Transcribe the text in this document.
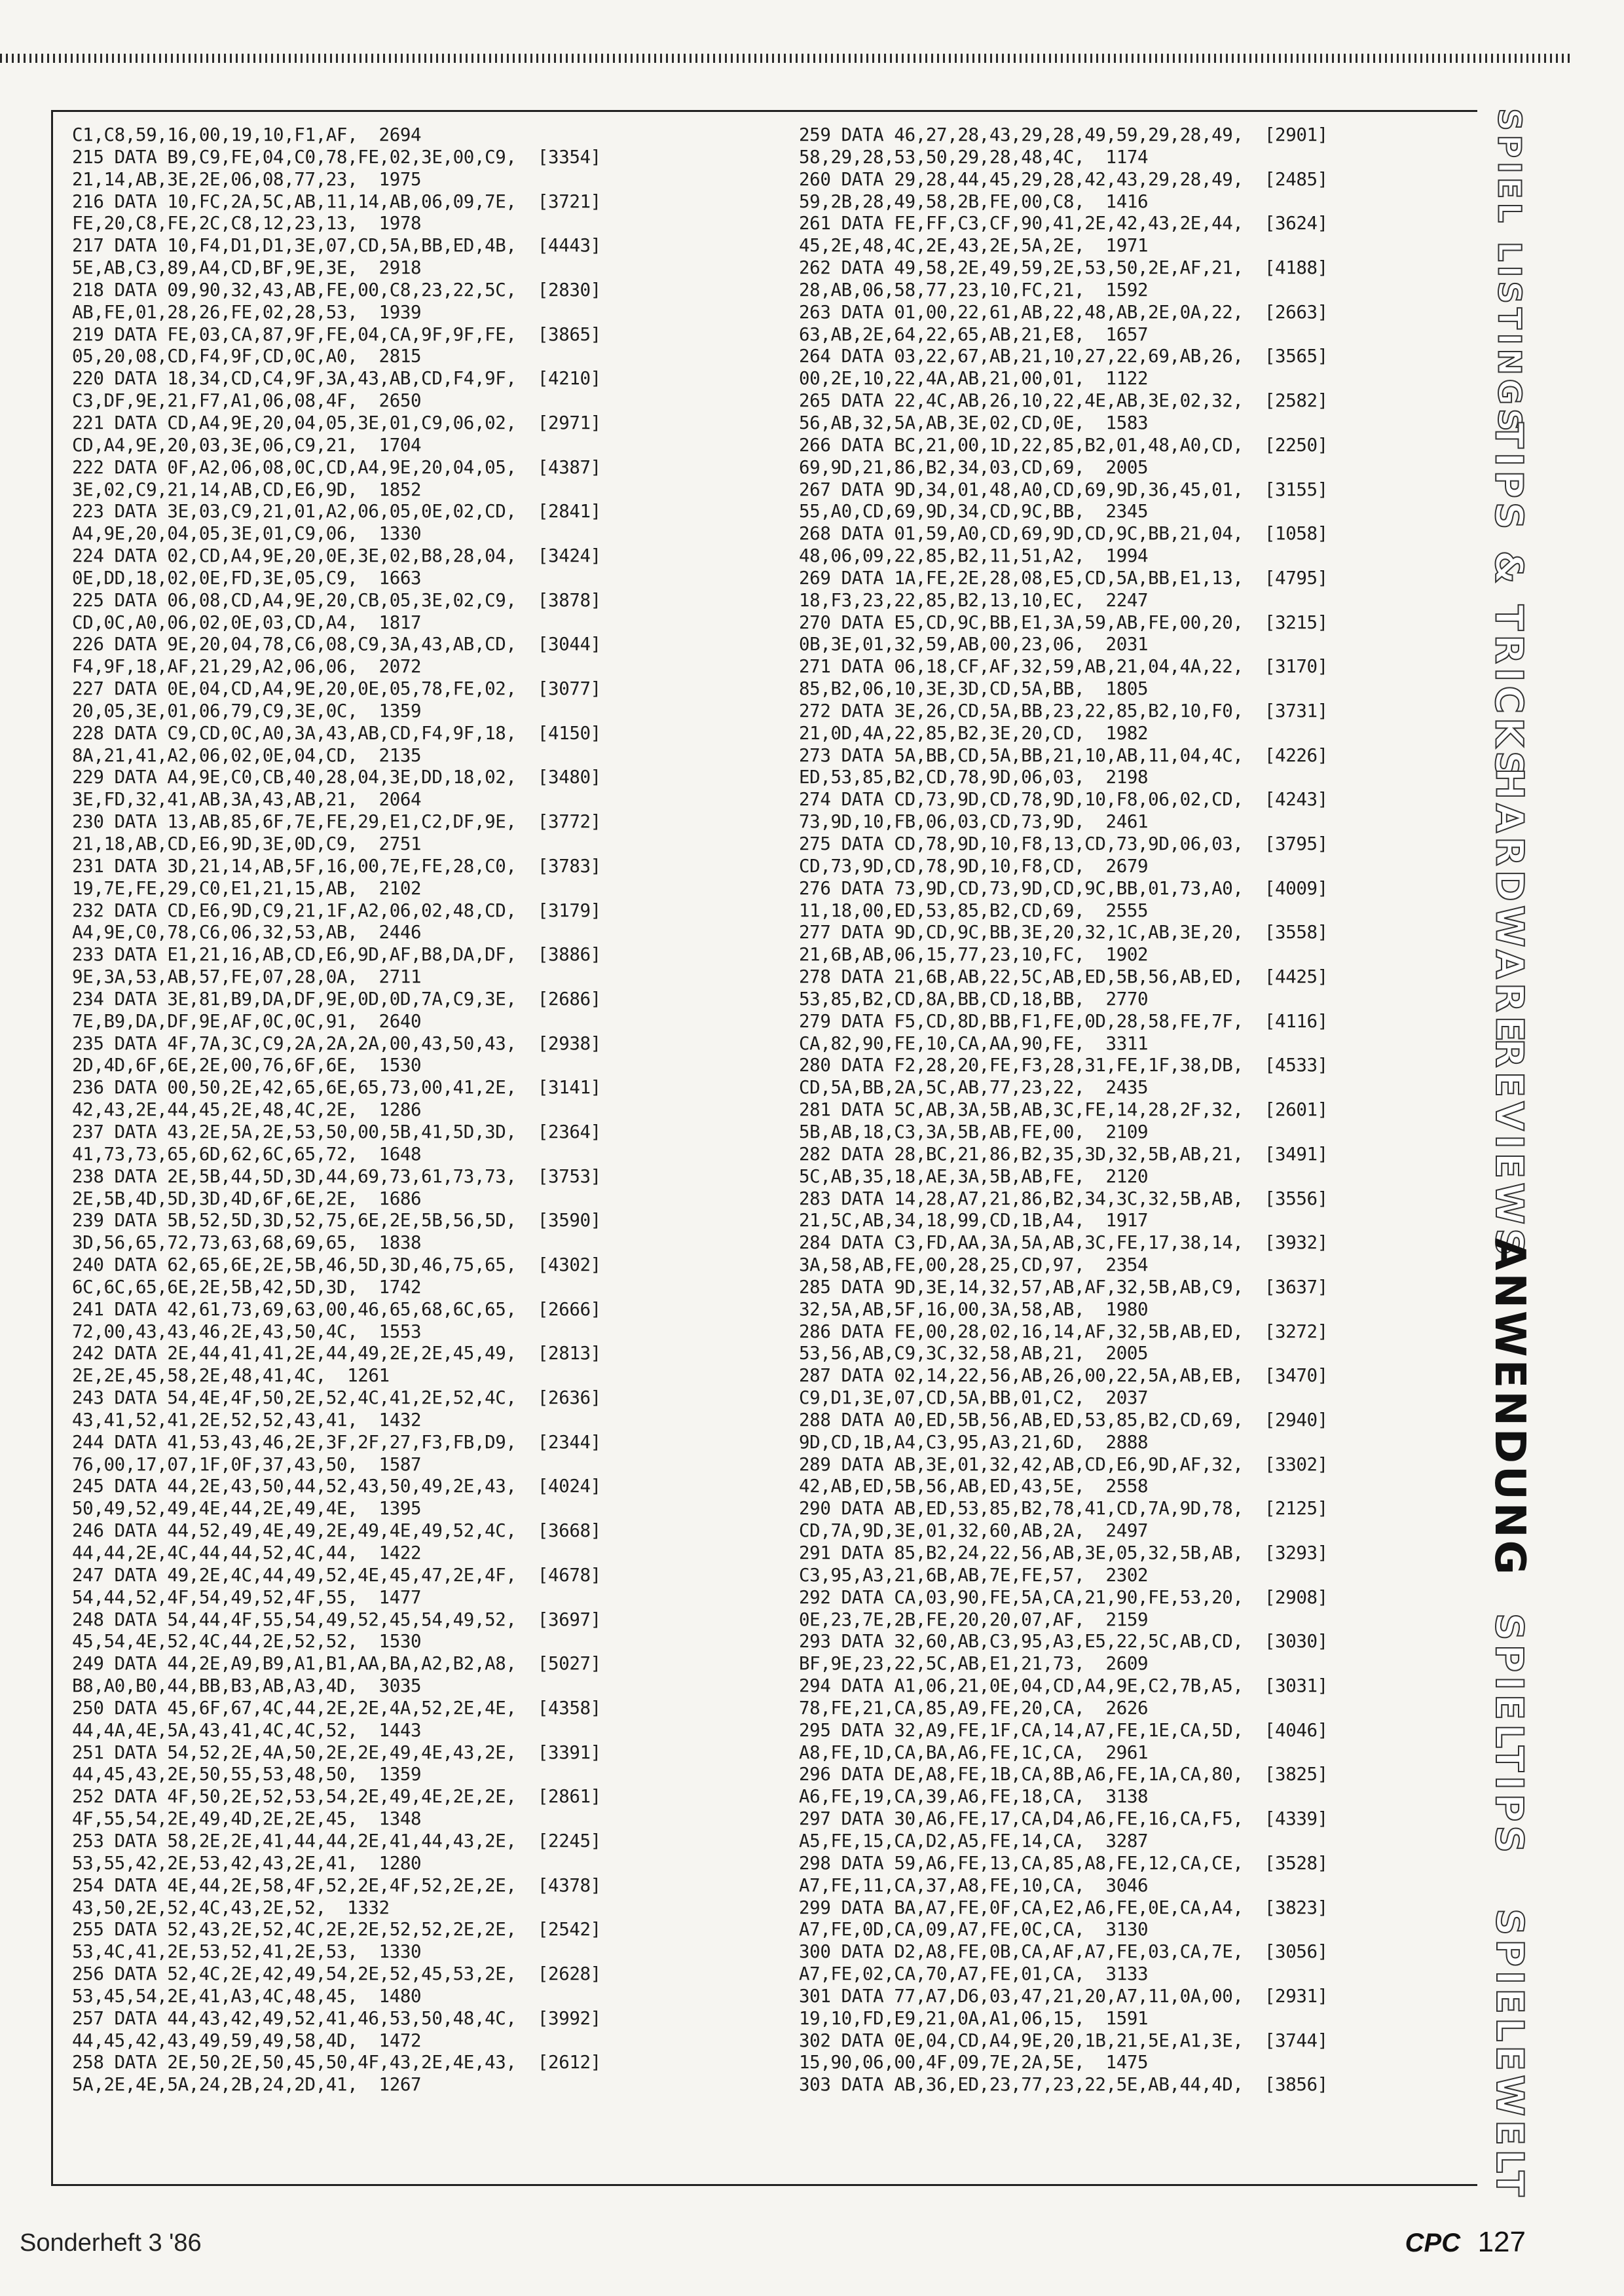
C1,C8,59,16,00,19,10,F1,AF,  2694
215 DATA B9,C9,FE,04,C0,78,FE,02,3E,00,C9,  [3354]
21,14,AB,3E,2E,06,08,77,23,  1975
216 DATA 10,FC,2A,5C,AB,11,14,AB,06,09,7E,  [3721]
FE,20,C8,FE,2C,C8,12,23,13,  1978
217 DATA 10,F4,D1,D1,3E,07,CD,5A,BB,ED,4B,  [4443]
5E,AB,C3,89,A4,CD,BF,9E,3E,  2918
218 DATA 09,90,32,43,AB,FE,00,C8,23,22,5C,  [2830]
AB,FE,01,28,26,FE,02,28,53,  1939
219 DATA FE,03,CA,87,9F,FE,04,CA,9F,9F,FE,  [3865]
05,20,08,CD,F4,9F,CD,0C,A0,  2815
220 DATA 18,34,CD,C4,9F,3A,43,AB,CD,F4,9F,  [4210]
C3,DF,9E,21,F7,A1,06,08,4F,  2650
221 DATA CD,A4,9E,20,04,05,3E,01,C9,06,02,  [2971]
CD,A4,9E,20,03,3E,06,C9,21,  1704
222 DATA 0F,A2,06,08,0C,CD,A4,9E,20,04,05,  [4387]
3E,02,C9,21,14,AB,CD,E6,9D,  1852
223 DATA 3E,03,C9,21,01,A2,06,05,0E,02,CD,  [2841]
A4,9E,20,04,05,3E,01,C9,06,  1330
224 DATA 02,CD,A4,9E,20,0E,3E,02,B8,28,04,  [3424]
0E,DD,18,02,0E,FD,3E,05,C9,  1663
225 DATA 06,08,CD,A4,9E,20,CB,05,3E,02,C9,  [3878]
CD,0C,A0,06,02,0E,03,CD,A4,  1817
226 DATA 9E,20,04,78,C6,08,C9,3A,43,AB,CD,  [3044]
F4,9F,18,AF,21,29,A2,06,06,  2072
227 DATA 0E,04,CD,A4,9E,20,0E,05,78,FE,02,  [3077]
20,05,3E,01,06,79,C9,3E,0C,  1359
228 DATA C9,CD,0C,A0,3A,43,AB,CD,F4,9F,18,  [4150]
8A,21,41,A2,06,02,0E,04,CD,  2135
229 DATA A4,9E,C0,CB,40,28,04,3E,DD,18,02,  [3480]
3E,FD,32,41,AB,3A,43,AB,21,  2064
230 DATA 13,AB,85,6F,7E,FE,29,E1,C2,DF,9E,  [3772]
21,18,AB,CD,E6,9D,3E,0D,C9,  2751
231 DATA 3D,21,14,AB,5F,16,00,7E,FE,28,C0,  [3783]
19,7E,FE,29,C0,E1,21,15,AB,  2102
232 DATA CD,E6,9D,C9,21,1F,A2,06,02,48,CD,  [3179]
A4,9E,C0,78,C6,06,32,53,AB,  2446
233 DATA E1,21,16,AB,CD,E6,9D,AF,B8,DA,DF,  [3886]
9E,3A,53,AB,57,FE,07,28,0A,  2711
234 DATA 3E,81,B9,DA,DF,9E,0D,0D,7A,C9,3E,  [2686]
7E,B9,DA,DF,9E,AF,0C,0C,91,  2640
235 DATA 4F,7A,3C,C9,2A,2A,2A,00,43,50,43,  [2938]
2D,4D,6F,6E,2E,00,76,6F,6E,  1530
236 DATA 00,50,2E,42,65,6E,65,73,00,41,2E,  [3141]
42,43,2E,44,45,2E,48,4C,2E,  1286
237 DATA 43,2E,5A,2E,53,50,00,5B,41,5D,3D,  [2364]
41,73,73,65,6D,62,6C,65,72,  1648
238 DATA 2E,5B,44,5D,3D,44,69,73,61,73,73,  [3753]
2E,5B,4D,5D,3D,4D,6F,6E,2E,  1686
239 DATA 5B,52,5D,3D,52,75,6E,2E,5B,56,5D,  [3590]
3D,56,65,72,73,63,68,69,65,  1838
240 DATA 62,65,6E,2E,5B,46,5D,3D,46,75,65,  [4302]
6C,6C,65,6E,2E,5B,42,5D,3D,  1742
241 DATA 42,61,73,69,63,00,46,65,68,6C,65,  [2666]
72,00,43,43,46,2E,43,50,4C,  1553
242 DATA 2E,44,41,41,2E,44,49,2E,2E,45,49,  [2813]
2E,2E,45,58,2E,48,41,4C,  1261
243 DATA 54,4E,4F,50,2E,52,4C,41,2E,52,4C,  [2636]
43,41,52,41,2E,52,52,43,41,  1432
244 DATA 41,53,43,46,2E,3F,2F,27,F3,FB,D9,  [2344]
76,00,17,07,1F,0F,37,43,50,  1587
245 DATA 44,2E,43,50,44,52,43,50,49,2E,43,  [4024]
50,49,52,49,4E,44,2E,49,4E,  1395
246 DATA 44,52,49,4E,49,2E,49,4E,49,52,4C,  [3668]
44,44,2E,4C,44,44,52,4C,44,  1422
247 DATA 49,2E,4C,44,49,52,4E,45,47,2E,4F,  [4678]
54,44,52,4F,54,49,52,4F,55,  1477
248 DATA 54,44,4F,55,54,49,52,45,54,49,52,  [3697]
45,54,4E,52,4C,44,2E,52,52,  1530
249 DATA 44,2E,A9,B9,A1,B1,AA,BA,A2,B2,A8,  [5027]
B8,A0,B0,44,BB,B3,AB,A3,4D,  3035
250 DATA 45,6F,67,4C,44,2E,2E,4A,52,2E,4E,  [4358]
44,4A,4E,5A,43,41,4C,4C,52,  1443
251 DATA 54,52,2E,4A,50,2E,2E,49,4E,43,2E,  [3391]
44,45,43,2E,50,55,53,48,50,  1359
252 DATA 4F,50,2E,52,53,54,2E,49,4E,2E,2E,  [2861]
4F,55,54,2E,49,4D,2E,2E,45,  1348
253 DATA 58,2E,2E,41,44,44,2E,41,44,43,2E,  [2245]
53,55,42,2E,53,42,43,2E,41,  1280
254 DATA 4E,44,2E,58,4F,52,2E,4F,52,2E,2E,  [4378]
43,50,2E,52,4C,43,2E,52,  1332
255 DATA 52,43,2E,52,4C,2E,2E,52,52,2E,2E,  [2542]
53,4C,41,2E,53,52,41,2E,53,  1330
256 DATA 52,4C,2E,42,49,54,2E,52,45,53,2E,  [2628]
53,45,54,2E,41,A3,4C,48,45,  1480
257 DATA 44,43,42,49,52,41,46,53,50,48,4C,  [3992]
44,45,42,43,49,59,49,58,4D,  1472
258 DATA 2E,50,2E,50,45,50,4F,43,2E,4E,43,  [2612]
5A,2E,4E,5A,24,2B,24,2D,41,  1267
259 DATA 46,27,28,43,29,28,49,59,29,28,49,  [2901]
58,29,28,53,50,29,28,48,4C,  1174
260 DATA 29,28,44,45,29,28,42,43,29,28,49,  [2485]
59,2B,28,49,58,2B,FE,00,C8,  1416
261 DATA FE,FF,C3,CF,90,41,2E,42,43,2E,44,  [3624]
45,2E,48,4C,2E,43,2E,5A,2E,  1971
262 DATA 49,58,2E,49,59,2E,53,50,2E,AF,21,  [4188]
28,AB,06,58,77,23,10,FC,21,  1592
263 DATA 01,00,22,61,AB,22,48,AB,2E,0A,22,  [2663]
63,AB,2E,64,22,65,AB,21,E8,  1657
264 DATA 03,22,67,AB,21,10,27,22,69,AB,26,  [3565]
00,2E,10,22,4A,AB,21,00,01,  1122
265 DATA 22,4C,AB,26,10,22,4E,AB,3E,02,32,  [2582]
56,AB,32,5A,AB,3E,02,CD,0E,  1583
266 DATA BC,21,00,1D,22,85,B2,01,48,A0,CD,  [2250]
69,9D,21,86,B2,34,03,CD,69,  2005
267 DATA 9D,34,01,48,A0,CD,69,9D,36,45,01,  [3155]
55,A0,CD,69,9D,34,CD,9C,BB,  2345
268 DATA 01,59,A0,CD,69,9D,CD,9C,BB,21,04,  [1058]
48,06,09,22,85,B2,11,51,A2,  1994
269 DATA 1A,FE,2E,28,08,E5,CD,5A,BB,E1,13,  [4795]
18,F3,23,22,85,B2,13,10,EC,  2247
270 DATA E5,CD,9C,BB,E1,3A,59,AB,FE,00,20,  [3215]
0B,3E,01,32,59,AB,00,23,06,  2031
271 DATA 06,18,CF,AF,32,59,AB,21,04,4A,22,  [3170]
85,B2,06,10,3E,3D,CD,5A,BB,  1805
272 DATA 3E,26,CD,5A,BB,23,22,85,B2,10,F0,  [3731]
21,0D,4A,22,85,B2,3E,20,CD,  1982
273 DATA 5A,BB,CD,5A,BB,21,10,AB,11,04,4C,  [4226]
ED,53,85,B2,CD,78,9D,06,03,  2198
274 DATA CD,73,9D,CD,78,9D,10,F8,06,02,CD,  [4243]
73,9D,10,FB,06,03,CD,73,9D,  2461
275 DATA CD,78,9D,10,F8,13,CD,73,9D,06,03,  [3795]
CD,73,9D,CD,78,9D,10,F8,CD,  2679
276 DATA 73,9D,CD,73,9D,CD,9C,BB,01,73,A0,  [4009]
11,18,00,ED,53,85,B2,CD,69,  2555
277 DATA 9D,CD,9C,BB,3E,20,32,1C,AB,3E,20,  [3558]
21,6B,AB,06,15,77,23,10,FC,  1902
278 DATA 21,6B,AB,22,5C,AB,ED,5B,56,AB,ED,  [4425]
53,85,B2,CD,8A,BB,CD,18,BB,  2770
279 DATA F5,CD,8D,BB,F1,FE,0D,28,58,FE,7F,  [4116]
CA,82,90,FE,10,CA,AA,90,FE,  3311
280 DATA F2,28,20,FE,F3,28,31,FE,1F,38,DB,  [4533]
CD,5A,BB,2A,5C,AB,77,23,22,  2435
281 DATA 5C,AB,3A,5B,AB,3C,FE,14,28,2F,32,  [2601]
5B,AB,18,C3,3A,5B,AB,FE,00,  2109
282 DATA 28,BC,21,86,B2,35,3D,32,5B,AB,21,  [3491]
5C,AB,35,18,AE,3A,5B,AB,FE,  2120
283 DATA 14,28,A7,21,86,B2,34,3C,32,5B,AB,  [3556]
21,5C,AB,34,18,99,CD,1B,A4,  1917
284 DATA C3,FD,AA,3A,5A,AB,3C,FE,17,38,14,  [3932]
3A,58,AB,FE,00,28,25,CD,97,  2354
285 DATA 9D,3E,14,32,57,AB,AF,32,5B,AB,C9,  [3637]
32,5A,AB,5F,16,00,3A,58,AB,  1980
286 DATA FE,00,28,02,16,14,AF,32,5B,AB,ED,  [3272]
53,56,AB,C9,3C,32,58,AB,21,  2005
287 DATA 02,14,22,56,AB,26,00,22,5A,AB,EB,  [3470]
C9,D1,3E,07,CD,5A,BB,01,C2,  2037
288 DATA A0,ED,5B,56,AB,ED,53,85,B2,CD,69,  [2940]
9D,CD,1B,A4,C3,95,A3,21,6D,  2888
289 DATA AB,3E,01,32,42,AB,CD,E6,9D,AF,32,  [3302]
42,AB,ED,5B,56,AB,ED,43,5E,  2558
290 DATA AB,ED,53,85,B2,78,41,CD,7A,9D,78,  [2125]
CD,7A,9D,3E,01,32,60,AB,2A,  2497
291 DATA 85,B2,24,22,56,AB,3E,05,32,5B,AB,  [3293]
C3,95,A3,21,6B,AB,7E,FE,57,  2302
292 DATA CA,03,90,FE,5A,CA,21,90,FE,53,20,  [2908]
0E,23,7E,2B,FE,20,20,07,AF,  2159
293 DATA 32,60,AB,C3,95,A3,E5,22,5C,AB,CD,  [3030]
BF,9E,23,22,5C,AB,E1,21,73,  2609
294 DATA A1,06,21,0E,04,CD,A4,9E,C2,7B,A5,  [3031]
78,FE,21,CA,85,A9,FE,20,CA,  2626
295 DATA 32,A9,FE,1F,CA,14,A7,FE,1E,CA,5D,  [4046]
A8,FE,1D,CA,BA,A6,FE,1C,CA,  2961
296 DATA DE,A8,FE,1B,CA,8B,A6,FE,1A,CA,80,  [3825]
A6,FE,19,CA,39,A6,FE,18,CA,  3138
297 DATA 30,A6,FE,17,CA,D4,A6,FE,16,CA,F5,  [4339]
A5,FE,15,CA,D2,A5,FE,14,CA,  3287
298 DATA 59,A6,FE,13,CA,85,A8,FE,12,CA,CE,  [3528]
A7,FE,11,CA,37,A8,FE,10,CA,  3046
299 DATA BA,A7,FE,0F,CA,E2,A6,FE,0E,CA,A4,  [3823]
A7,FE,0D,CA,09,A7,FE,0C,CA,  3130
300 DATA D2,A8,FE,0B,CA,AF,A7,FE,03,CA,7E,  [3056]
A7,FE,02,CA,70,A7,FE,01,CA,  3133
301 DATA 77,A7,D6,03,47,21,20,A7,11,0A,00,  [2931]
19,10,FD,E9,21,0A,A1,06,15,  1591
302 DATA 0E,04,CD,A4,9E,20,1B,21,5E,A1,3E,  [3744]
15,90,06,00,4F,09,7E,2A,5E,  1475
303 DATA AB,36,ED,23,77,23,22,5E,AB,44,4D,  [3856]
SPIEL LISTINGS
TIPS & TRICKS
HARDWARE
REVIEWS
ANWENDUNG
SPIELTIPS
SPIELEWELT
Sonderheft 3 '86	CPC 127
